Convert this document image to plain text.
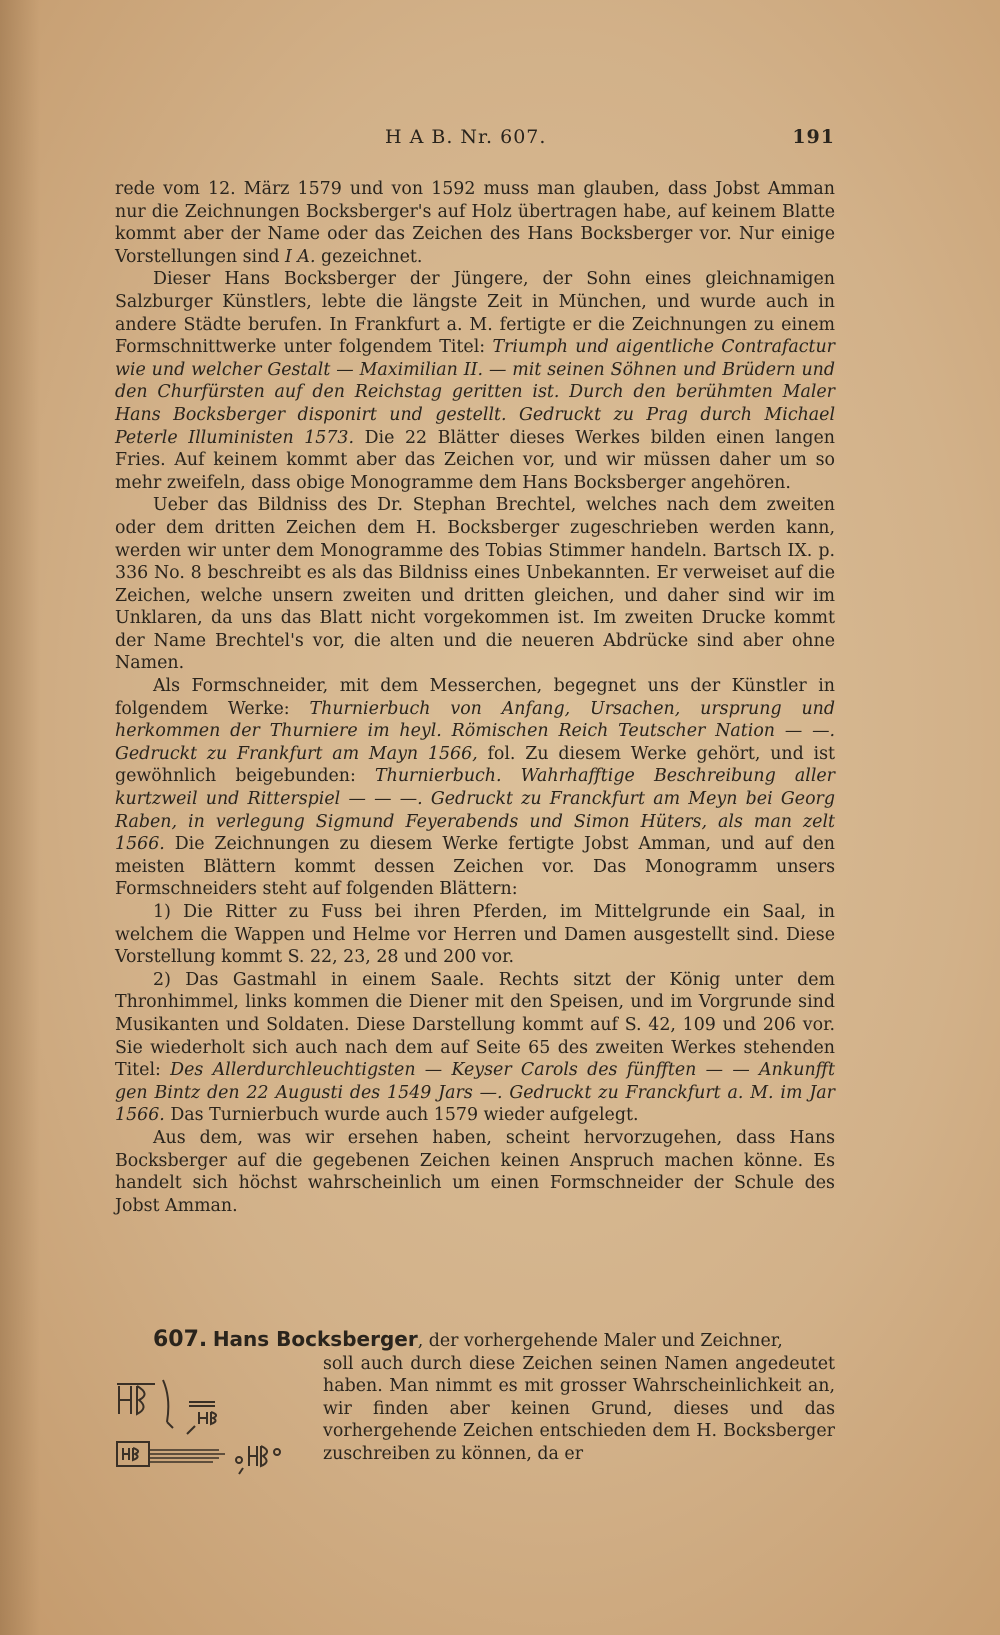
H A B. Nr. 607.	191

rede vom 12. März 1579 und von 1592 muss man glauben, dass Jobst Amman nur die Zeichnungen Bocksberger's auf Holz übertragen habe, auf keinem Blatte kommt aber der Name oder das Zeichen des Hans Bocksberger vor. Nur einige Vorstellungen sind I A. gezeichnet.

Dieser Hans Bocksberger der Jüngere, der Sohn eines gleichnamigen Salzburger Künstlers, lebte die längste Zeit in München, und wurde auch in andere Städte berufen. In Frankfurt a. M. fertigte er die Zeichnungen zu einem Formschnittwerke unter folgendem Titel: Triumph und aigentliche Contrafactur wie und welcher Gestalt — Maximilian II. — mit seinen Söhnen und Brüdern und den Churfürsten auf den Reichstag geritten ist. Durch den berühmten Maler Hans Bocksberger disponirt und gestellt. Gedruckt zu Prag durch Michael Peterle Illuministen 1573. Die 22 Blätter dieses Werkes bilden einen langen Fries. Auf keinem kommt aber das Zeichen vor, und wir müssen daher um so mehr zweifeln, dass obige Monogramme dem Hans Bocksberger angehören.

Ueber das Bildniss des Dr. Stephan Brechtel, welches nach dem zweiten oder dem dritten Zeichen dem H. Bocksberger zugeschrieben werden kann, werden wir unter dem Monogramme des Tobias Stimmer handeln. Bartsch IX. p. 336 No. 8 beschreibt es als das Bildniss eines Unbekannten. Er verweiset auf die Zeichen, welche unsern zweiten und dritten gleichen, und daher sind wir im Unklaren, da uns das Blatt nicht vorgekommen ist. Im zweiten Drucke kommt der Name Brechtel's vor, die alten und die neueren Abdrücke sind aber ohne Namen.

Als Formschneider, mit dem Messerchen, begegnet uns der Künstler in folgendem Werke: Thurnierbuch von Anfang, Ursachen, ursprung und herkommen der Thurniere im heyl. Römischen Reich Teutscher Nation — —. Gedruckt zu Frankfurt am Mayn 1566, fol. Zu diesem Werke gehört, und ist gewöhnlich beigebunden: Thurnierbuch. Wahrhafftige Beschreibung aller kurtzweil und Ritterspiel — — —. Gedruckt zu Franckfurt am Meyn bei Georg Raben, in verlegung Sigmund Feyerabends und Simon Hüters, als man zelt 1566. Die Zeichnungen zu diesem Werke fertigte Jobst Amman, und auf den meisten Blättern kommt dessen Zeichen vor. Das Monogramm unsers Formschneiders steht auf folgenden Blättern:

1) Die Ritter zu Fuss bei ihren Pferden, im Mittelgrunde ein Saal, in welchem die Wappen und Helme vor Herren und Damen ausgestellt sind. Diese Vorstellung kommt S. 22, 23, 28 und 200 vor.

2) Das Gastmahl in einem Saale. Rechts sitzt der König unter dem Thronhimmel, links kommen die Diener mit den Speisen, und im Vorgrunde sind Musikanten und Soldaten. Diese Darstellung kommt auf S. 42, 109 und 206 vor. Sie wiederholt sich auch nach dem auf Seite 65 des zweiten Werkes stehenden Titel: Des Allerdurchleuchtigsten — Keyser Carols des fünfften — — Ankunfft gen Bintz den 22 Augusti des 1549 Jars —. Gedruckt zu Franckfurt a. M. im Jar 1566. Das Turnierbuch wurde auch 1579 wieder aufgelegt.

Aus dem, was wir ersehen haben, scheint hervorzugehen, dass Hans Bocksberger auf die gegebenen Zeichen keinen Anspruch machen könne. Es handelt sich höchst wahrscheinlich um einen Formschneider der Schule des Jobst Amman.

607. Hans Bocksberger, der vorhergehende Maler und Zeichner,
soll auch durch diese Zeichen seinen Namen angedeutet haben. Man nimmt es mit grosser Wahrscheinlichkeit an, wir finden aber keinen Grund, dieses und das vorhergehende Zeichen entschieden dem H. Bocksberger zuschreiben zu können, da er
